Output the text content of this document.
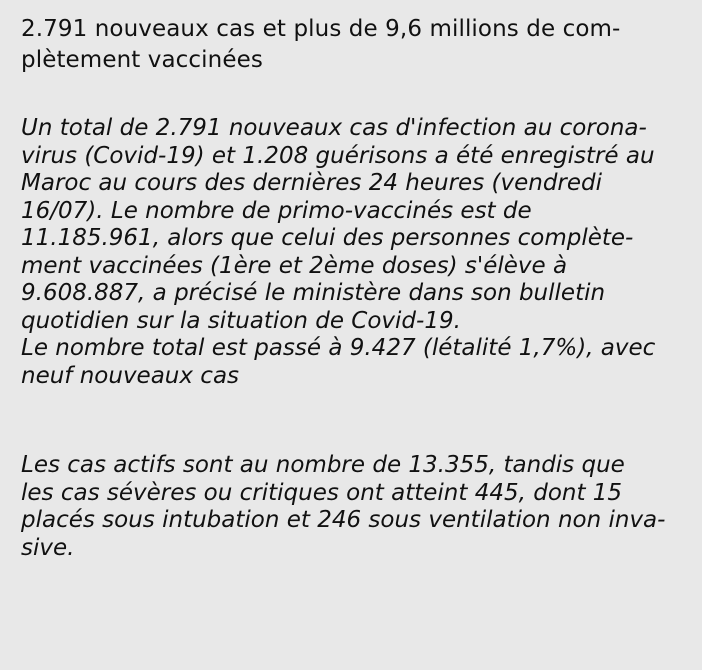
2.791 nouveaux cas et plus de 9,6 millions de com-
plètement vaccinées
Un total de 2.791 nouveaux cas d'infection au corona-
virus (Covid-19) et 1.208 guérisons a été enregistré au
Maroc au cours des dernières 24 heures (vendredi
16/07). Le nombre de primo-vaccinés est de
11.185.961, alors que celui des personnes complète-
ment vaccinées (1ère et 2ème doses) s'élève à
9.608.887, a précisé le ministère dans son bulletin
quotidien sur la situation de Covid-19.
Le nombre total est passé à 9.427 (létalité 1,7%), avec
neuf nouveaux cas
Les cas actifs sont au nombre de 13.355, tandis que
les cas sévères ou critiques ont atteint 445, dont 15
placés sous intubation et 246 sous ventilation non inva-
sive.
